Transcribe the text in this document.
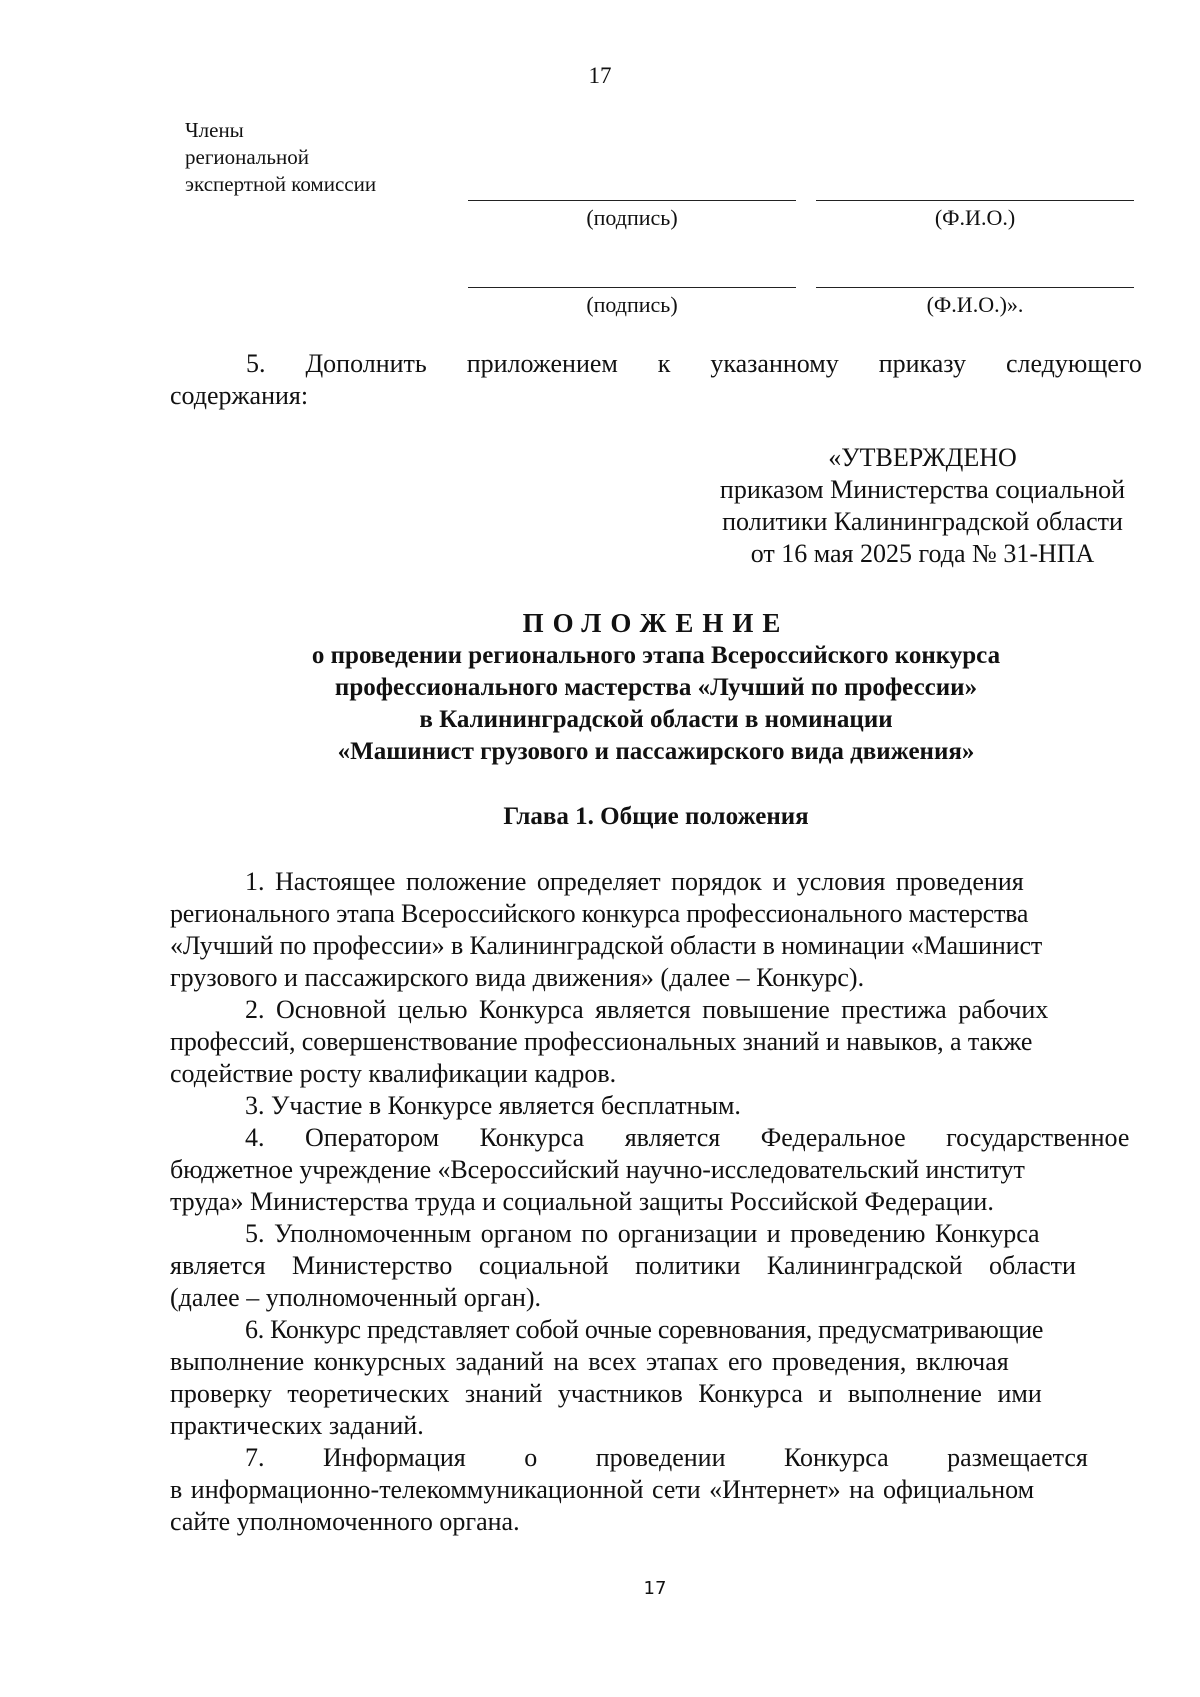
17
Члены
региональной
экспертной комиссии
(подпись)	(Ф.И.О.)
(подпись)	(Ф.И.О.)».
5. Дополнить приложением к указанному приказу следующего
содержания:
«УТВЕРЖДЕНО
приказом Министерства социальной
политики Калининградской области
от 16 мая 2025 года № 31-НПА
ПОЛОЖЕНИЕ
о проведении регионального этапа Всероссийского конкурса
профессионального мастерства «Лучший по профессии»
в Калининградской области в номинации
«Машинист грузового и пассажирского вида движения»
Глава 1. Общие положения
1. Настоящее положение определяет порядок и условия проведения
регионального этапа Всероссийского конкурса профессионального мастерства
«Лучший по профессии» в Калининградской области в номинации «Машинист
грузового и пассажирского вида движения» (далее – Конкурс).
2. Основной целью Конкурса является повышение престижа рабочих
профессий, совершенствование профессиональных знаний и навыков, а также
содействие росту квалификации кадров.
3. Участие в Конкурсе является бесплатным.
4. Оператором Конкурса является Федеральное государственное
бюджетное учреждение «Всероссийский научно-исследовательский институт
труда» Министерства труда и социальной защиты Российской Федерации.
5. Уполномоченным органом по организации и проведению Конкурса
является Министерство социальной политики Калининградской области
(далее – уполномоченный орган).
6. Конкурс представляет собой очные соревнования, предусматривающие
выполнение конкурсных заданий на всех этапах его проведения, включая
проверку теоретических знаний участников Конкурса и выполнение ими
практических заданий.
7. Информация о проведении Конкурса размещается
в информационно-телекоммуникационной сети «Интернет» на официальном
сайте уполномоченного органа.
17
